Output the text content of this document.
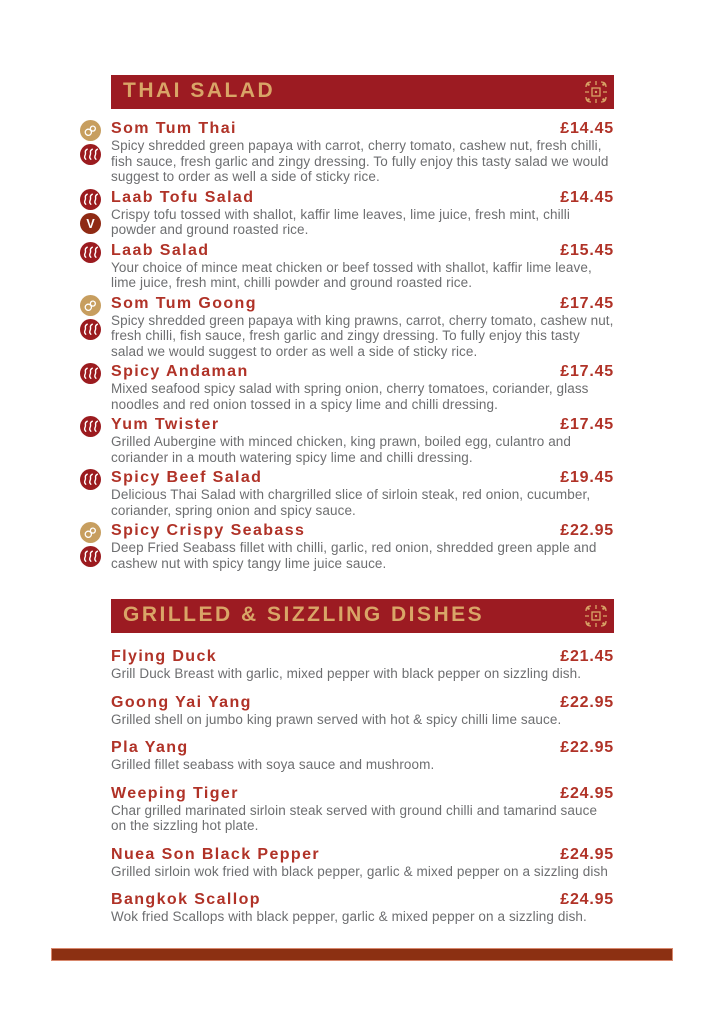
THAI SALAD
Som Tum Thai	£14.45

Spicy shredded green papaya with carrot, cherry tomato, cashew nut, fresh chilli, fish sauce, fresh garlic and zingy dressing. To fully enjoy this tasty salad we would suggest to order as well a side of sticky rice.

V
Laab Tofu Salad	£14.45

Crispy tofu tossed with shallot, kaffir lime leaves, lime juice, fresh mint, chilli powder and ground roasted rice.

Laab Salad	£15.45

Your choice of mince meat chicken or beef tossed with shallot, kaffir lime leave, lime juice, fresh mint, chilli powder and ground roasted rice.

Som Tum Goong	£17.45

Spicy shredded green papaya with king prawns, carrot, cherry tomato, cashew nut, fresh chilli, fish sauce, fresh garlic and zingy dressing. To fully enjoy this tasty salad we would suggest to order as well a side of sticky rice.

Spicy Andaman	£17.45

Mixed seafood spicy salad with spring onion, cherry tomatoes, coriander, glass noodles and red onion tossed in a spicy lime and chilli dressing.

Yum Twister	£17.45

Grilled Aubergine with minced chicken, king prawn, boiled egg, culantro and coriander in a mouth watering spicy lime and chilli dressing.

Spicy Beef Salad	£19.45

Delicious Thai Salad with chargrilled slice of sirloin steak, red onion, cucumber, coriander, spring onion and spicy sauce.

Spicy Crispy Seabass	£22.95

Deep Fried Seabass fillet with chilli, garlic, red onion, shredded green apple and cashew nut with spicy tangy lime juice sauce.

GRILLED & SIZZLING DISHES
Flying Duck	£21.45

Grill Duck Breast with garlic, mixed pepper with black pepper on sizzling dish.

Goong Yai Yang	£22.95

Grilled shell on jumbo king prawn served with hot & spicy chilli lime sauce.

Pla Yang	£22.95

Grilled fillet seabass with soya sauce and mushroom.

Weeping Tiger	£24.95

Char grilled marinated sirloin steak served with ground chilli and tamarind sauce on the sizzling hot plate.

Nuea Son Black Pepper	£24.95

Grilled sirloin wok fried with black pepper, garlic & mixed pepper on a sizzling dish

Bangkok Scallop	£24.95

Wok fried Scallops with black pepper, garlic & mixed pepper on a sizzling dish.
